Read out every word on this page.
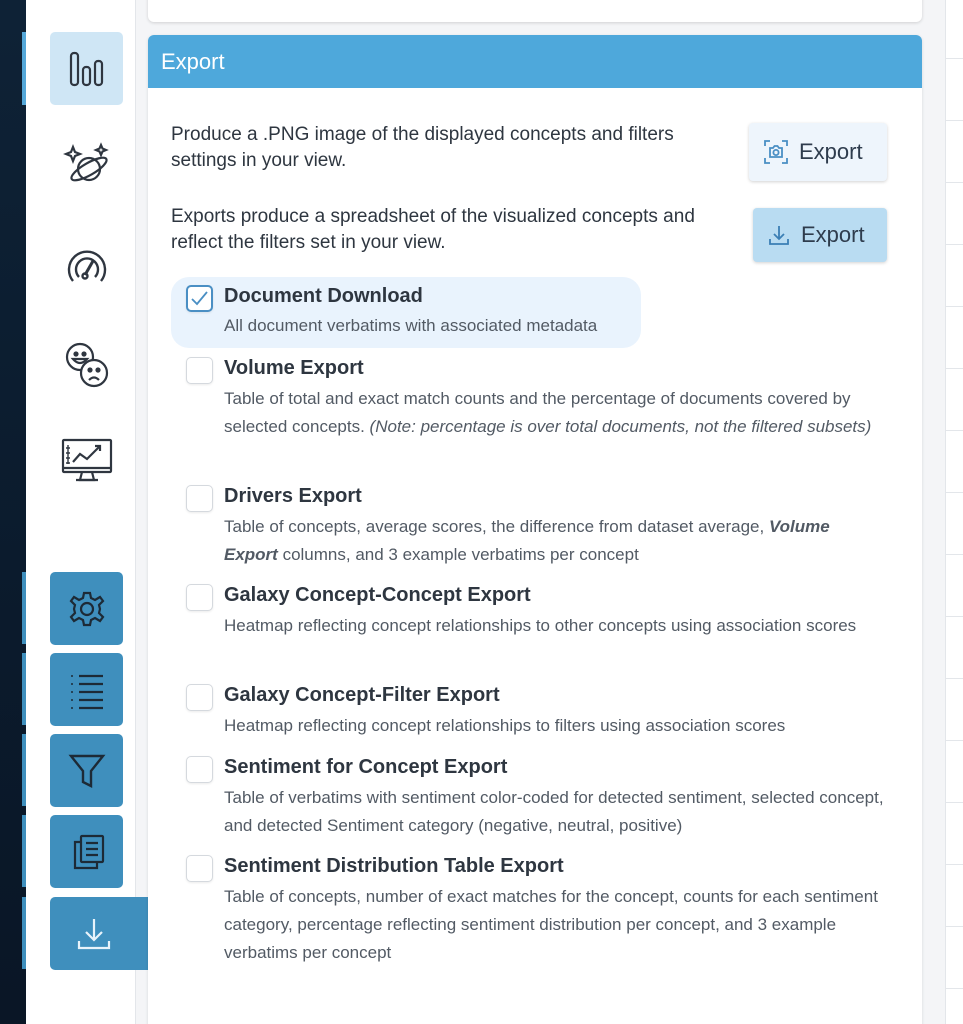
Export
Produce a .PNG image of the displayed concepts and filters settings in your view.	Export
Exports produce a spreadsheet of the visualized concepts and reflect the filters set in your view.	Export
Document Download
All document verbatims with associated metadata
Volume Export
Table of total and exact match counts and the percentage of documents covered by selected concepts. (Note: percentage is over total documents, not the filtered subsets)
Drivers Export
Table of concepts, average scores, the difference from dataset average, Volume Export columns, and 3 example verbatims per concept
Galaxy Concept-Concept Export
Heatmap reflecting concept relationships to other concepts using association scores
Galaxy Concept-Filter Export
Heatmap reflecting concept relationships to filters using association scores
Sentiment for Concept Export
Table of verbatims with sentiment color-coded for detected sentiment, selected concept, and detected Sentiment category (negative, neutral, positive)
Sentiment Distribution Table Export
Table of concepts, number of exact matches for the concept, counts for each sentiment category, percentage reflecting sentiment distribution per concept, and 3 example verbatims per concept
